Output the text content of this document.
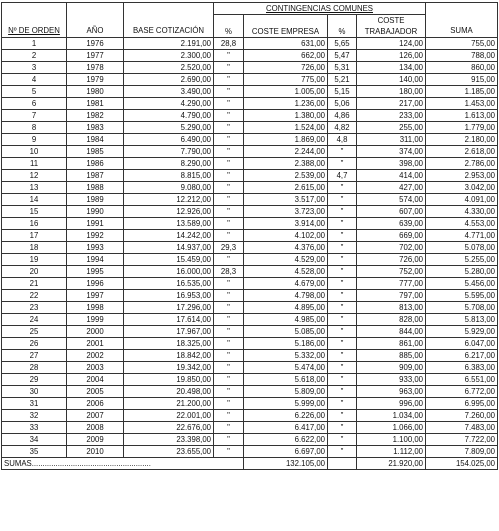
Nº DE ORDEN	AÑO	BASE COTIZACIÓN	CONTINGENCIAS COMUNES				SUMA
			%	COSTE EMPRESA	%	COSTE TRABAJADOR	
1	1976	2.191,00	28,8	631,00	5,65	124,00	755,00
2	1977	2.300,00	"	662,00	5,47	126,00	788,00
3	1978	2.520,00	"	726,00	5,31	134,00	860,00
4	1979	2.690,00	"	775,00	5,21	140,00	915,00
5	1980	3.490,00	"	1.005,00	5,15	180,00	1.185,00
6	1981	4.290,00	"	1.236,00	5,06	217,00	1.453,00
7	1982	4.790,00	"	1.380,00	4,86	233,00	1.613,00
8	1983	5.290,00	"	1.524,00	4,82	255,00	1.779,00
9	1984	6.490,00	"	1.869,00	4,8	311,00	2.180,00
10	1985	7.790,00	"	2.244,00	"	374,00	2.618,00
11	1986	8.290,00	"	2.388,00	"	398,00	2.786,00
12	1987	8.815,00	"	2.539,00	4,7	414,00	2.953,00
13	1988	9.080,00	"	2.615,00	"	427,00	3.042,00
14	1989	12.212,00	"	3.517,00	"	574,00	4.091,00
15	1990	12.926,00	"	3.723,00	"	607,00	4.330,00
16	1991	13.589,00	"	3.914,00	"	639,00	4.553,00
17	1992	14.242,00	"	4.102,00	"	669,00	4.771,00
18	1993	14.937,00	29,3	4.376,00	"	702,00	5.078,00
19	1994	15.459,00	"	4.529,00	"	726,00	5.255,00
20	1995	16.000,00	28,3	4.528,00	"	752,00	5.280,00
21	1996	16.535,00	"	4.679,00	"	777,00	5.456,00
22	1997	16.953,00	"	4.798,00	"	797,00	5.595,00
23	1998	17.296,00	"	4.895,00	"	813,00	5.708,00
24	1999	17.614,00	"	4.985,00	"	828,00	5.813,00
25	2000	17.967,00	"	5.085,00	"	844,00	5.929,00
26	2001	18.325,00	"	5.186,00	"	861,00	6.047,00
27	2002	18.842,00	"	5.332,00	"	885,00	6.217,00
28	2003	19.342,00	"	5.474,00	"	909,00	6.383,00
29	2004	19.850,00	"	5.618,00	"	933,00	6.551,00
30	2005	20.498,00	"	5.809,00	"	963,00	6.772,00
31	2006	21.200,00	"	5.999,00	"	996,00	6.995,00
32	2007	22.001,00	"	6.226,00	"	1.034,00	7.260,00
33	2008	22.676,00	"	6.417,00	"	1.066,00	7.483,00
34	2009	23.398,00	"	6.622,00	"	1.100,00	7.722,00
35	2010	23.655,00	"	6.697,00	"	1.112,00	7.809,00
SUMAS.......................................................				132.105,00		21.920,00	154.025,00
